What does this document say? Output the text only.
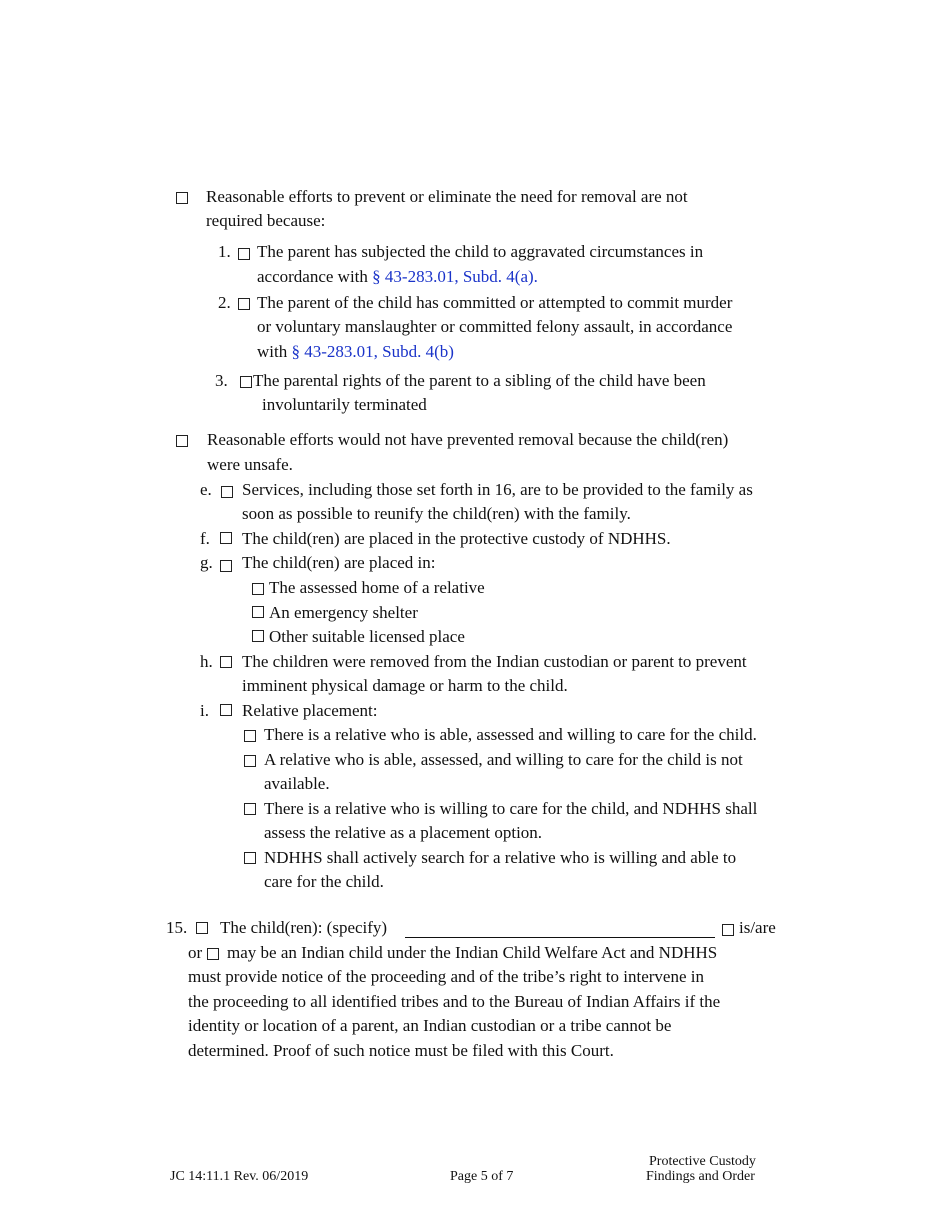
Reasonable efforts to prevent or eliminate the need for removal are not
required because:
1. The parent has subjected the child to aggravated circumstances in
accordance with § 43-283.01, Subd. 4(a).
2. The parent of the child has committed or attempted to commit murder
or voluntary manslaughter or committed felony assault, in accordance
with § 43-283.01, Subd. 4(b)
3. The parental rights of the parent to a sibling of the child have been
involuntarily terminated
Reasonable efforts would not have prevented removal because the child(ren)
were unsafe.
e. Services, including those set forth in 16, are to be provided to the family as
soon as possible to reunify the child(ren) with the family.
f. The child(ren) are placed in the protective custody of NDHHS.
g. The child(ren) are placed in:
The assessed home of a relative
An emergency shelter
Other suitable licensed place
h. The children were removed from the Indian custodian or parent to prevent
imminent physical damage or harm to the child.
i. Relative placement:
There is a relative who is able, assessed and willing to care for the child.
A relative who is able, assessed, and willing to care for the child is not
available.
There is a relative who is willing to care for the child, and NDHHS shall
assess the relative as a placement option.
NDHHS shall actively search for a relative who is willing and able to
care for the child.
15. The child(ren): (specify)	is/are
or may be an Indian child under the Indian Child Welfare Act and NDHHS
must provide notice of the proceeding and of the tribe’s right to intervene in
the proceeding to all identified tribes and to the Bureau of Indian Affairs if the
identity or location of a parent, an Indian custodian or a tribe cannot be
determined. Proof of such notice must be filed with this Court.
JC 14:11.1 Rev. 06/2019	Page 5 of 7
Protective Custody
Findings and Order
